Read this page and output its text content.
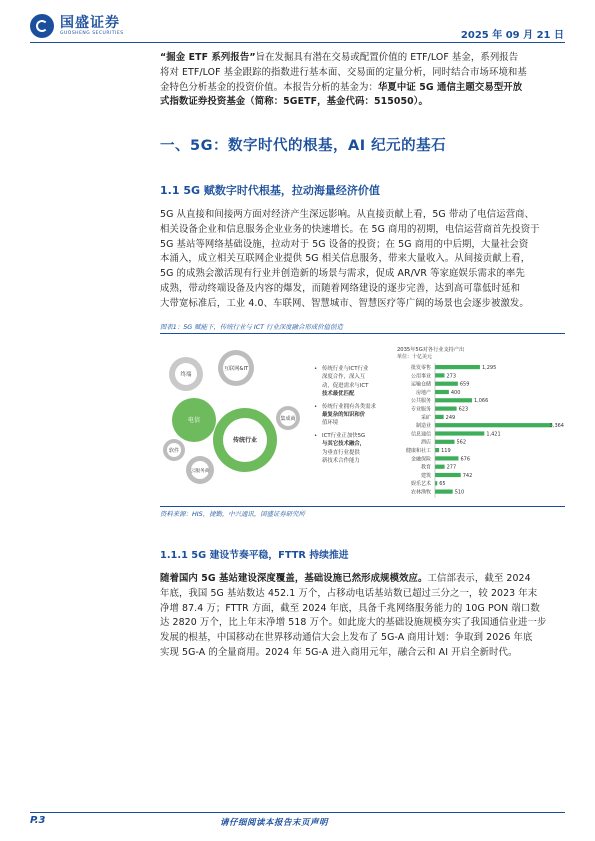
国盛证券
GUOSHENG SECURITIES	2025 年 09 月 21 日
“掘金 ETF 系列报告”旨在发掘具有潜在交易或配置价值的 ETF/LOF 基金，系列报告
将对 ETF/LOF 基金跟踪的指数进行基本面、交易面的定量分析，同时结合市场环境和基
金特色分析基金的投资价值。本报告分析的基金为：华夏中证 5G 通信主题交易型开放
式指数证券投资基金（简称：5GETF，基金代码：515050）。
一、5G：数字时代的根基，AI 纪元的基石
1.1 5G 赋数字时代根基，拉动海量经济价值
5G 从直接和间接两方面对经济产生深远影响。从直接贡献上看，5G 带动了电信运营商、
相关设备企业和信息服务企业业务的快速增长。在 5G 商用的初期，电信运营商首先投资于
5G 基站等网络基础设施，拉动对于 5G 设备的投资；在 5G 商用的中后期，大量社会资
本涌入，成立相关互联网企业提供 5G 相关信息服务，带来大量收入。从间接贡献上看，
5G 的成熟会激活现有行业并创造新的场景与需求，促成 AR/VR 等家庭娱乐需求的率先
成熟，带动终端设备及内容的爆发，而随着网络建设的逐步完善，达到高可靠低时延和
大带宽标准后，工业 4.0、车联网、智慧城市、智慧医疗等广阔的场景也会逐步被激发。
图表1：5G 赋能下，传统行业与 ICT 行业深度融合形成价值创造
终端
互联网&IT
电信
传统行业
集成商
软件
云服务商
• 传统行业与ICT行业
深度合作，深入互
动，促进需求与ICT
技术最优匹配
• 传统行业拥有各类需求
最复杂的知识和价
值环境
• ICT行业正加快5G
与其它技术融合，
为垂直行业提供
新技术合作能力
2035年5G对各行业支持产出
单位：十亿美元
批发零售	1,295
公用事业	273
运输仓储	659
房地产	400
公共服务	1,066
专业服务	623
采矿	249
制造业	3,364
信息通信	1,421
酒店	562
健康和社工 119
金融保险	676
教育	277
建筑	742
娱乐艺术 65
农林渔牧	510
资料来源：HIS，捷勤，中兴通讯，国盛证券研究所
1.1.1 5G 建设节奏平稳，FTTR 持续推进
随着国内 5G 基站建设深度覆盖，基础设施已然形成规模效应。工信部表示，截至 2024
年底，我国 5G 基站数达 452.1 万个，占移动电话基站数已超过三分之一，较 2023 年末
净增 87.4 万；FTTR 方面，截至 2024 年底，具备千兆网络服务能力的 10G PON 端口数
达 2820 万个，比上年末净增 518 万个。如此庞大的基础设施规模夯实了我国通信业进一步
发展的根基，中国移动在世界移动通信大会上发布了 5G-A 商用计划：争取到 2026 年底
实现 5G-A 的全量商用。2024 年 5G-A 进入商用元年，融合云和 AI 开启全新时代。
P.3	请仔细阅读本报告末页声明
